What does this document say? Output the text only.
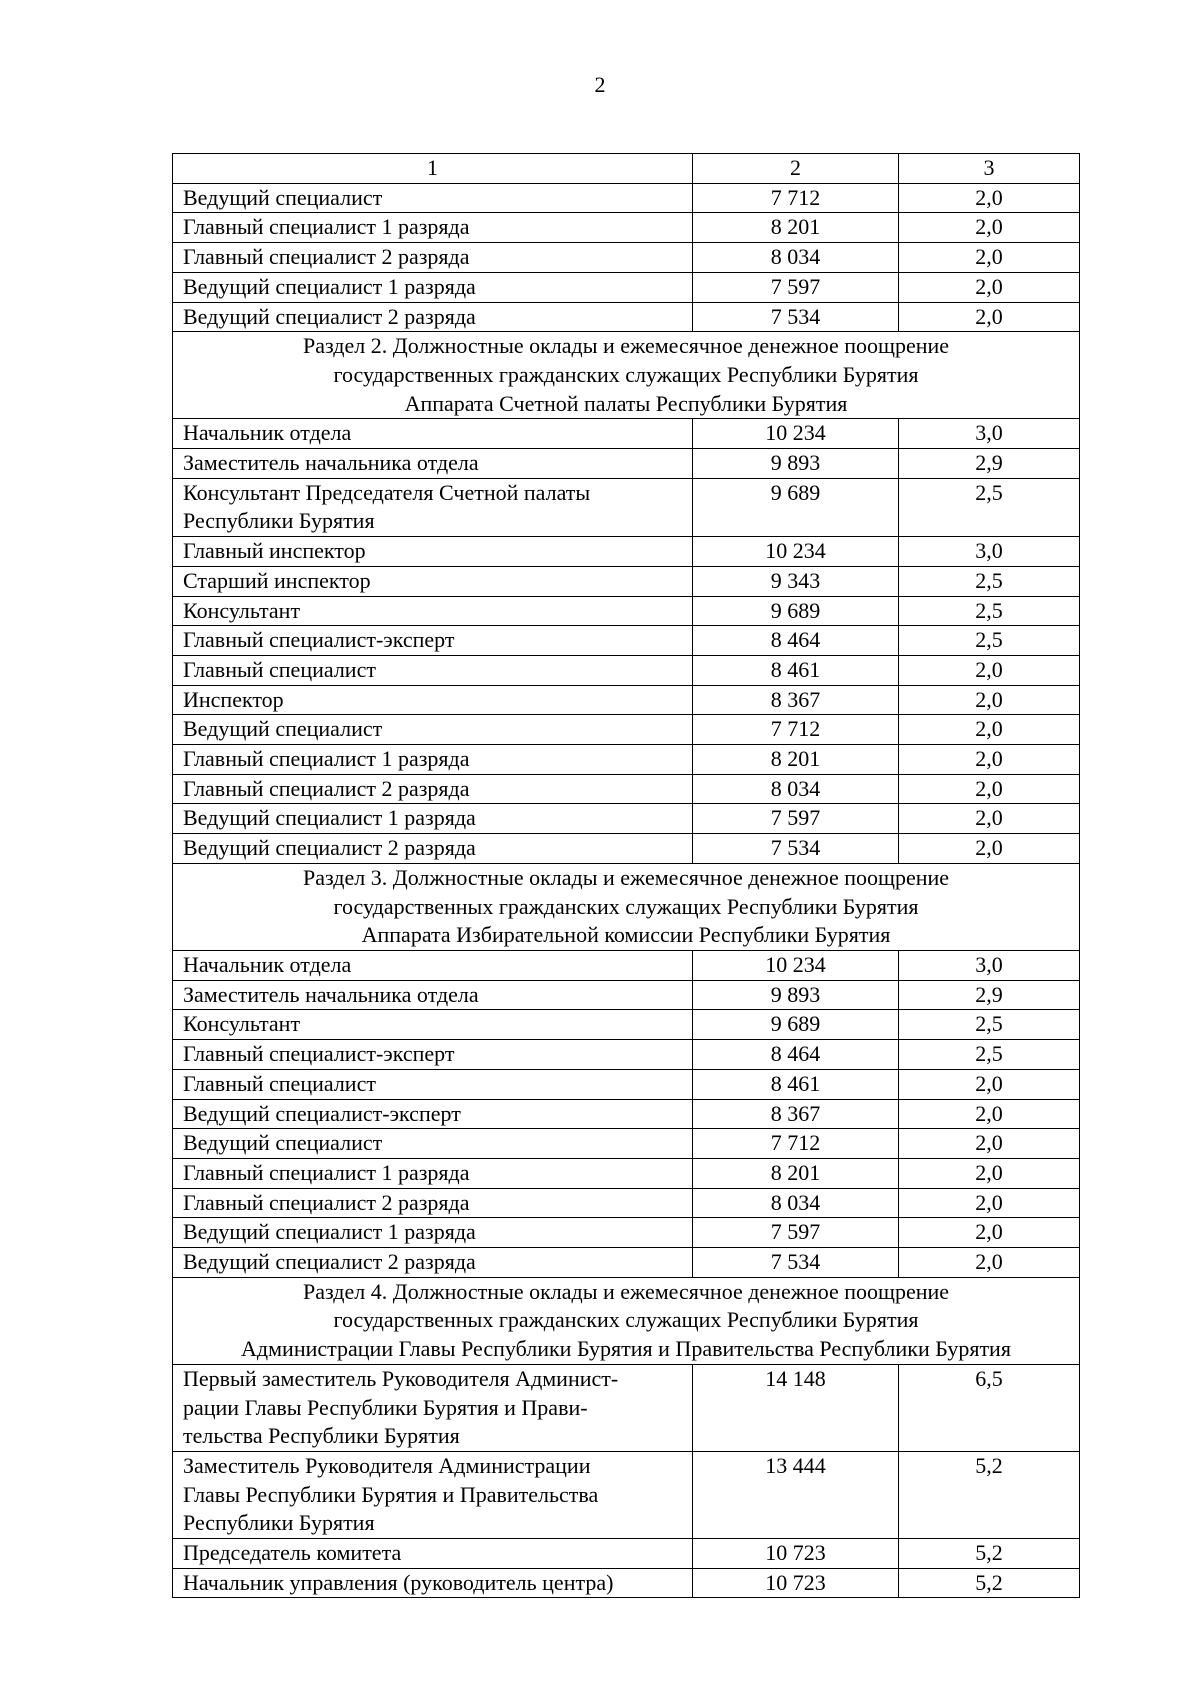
2
1	2	3

Ведущий специалист	7 712	2,0

Главный специалист 1 разряда	8 201	2,0

Главный специалист 2 разряда	8 034	2,0

Ведущий специалист 1 разряда	7 597	2,0

Ведущий специалист 2 разряда	7 534	2,0

Раздел 2. Должностные оклады и ежемесячное денежное поощрение
государственных гражданских служащих Республики Бурятия
Аппарата Счетной палаты Республики Бурятия		

Начальник отдела	10 234	3,0

Заместитель начальника отдела	9 893	2,9

Консультант Председателя Счетной палаты
Республики Бурятия	9 689	2,5

Главный инспектор	10 234	3,0

Старший инспектор	9 343	2,5

Консультант	9 689	2,5

Главный специалист-эксперт	8 464	2,5

Главный специалист	8 461	2,0

Инспектор	8 367	2,0

Ведущий специалист	7 712	2,0

Главный специалист 1 разряда	8 201	2,0

Главный специалист 2 разряда	8 034	2,0

Ведущий специалист 1 разряда	7 597	2,0

Ведущий специалист 2 разряда	7 534	2,0

Раздел 3. Должностные оклады и ежемесячное денежное поощрение
государственных гражданских служащих Республики Бурятия
Аппарата Избирательной комиссии Республики Бурятия		

Начальник отдела	10 234	3,0

Заместитель начальника отдела	9 893	2,9

Консультант	9 689	2,5

Главный специалист-эксперт	8 464	2,5

Главный специалист	8 461	2,0

Ведущий специалист-эксперт	8 367	2,0

Ведущий специалист	7 712	2,0

Главный специалист 1 разряда	8 201	2,0

Главный специалист 2 разряда	8 034	2,0

Ведущий специалист 1 разряда	7 597	2,0

Ведущий специалист 2 разряда	7 534	2,0

Раздел 4. Должностные оклады и ежемесячное денежное поощрение
государственных гражданских служащих Республики Бурятия
Администрации Главы Республики Бурятия и Правительства Республики Бурятия		

Первый заместитель Руководителя Админист-
рации Главы Республики Бурятия и Прави-
тельства Республики Бурятия	14 148	6,5

Заместитель Руководителя Администрации
Главы Республики Бурятия и Правительства
Республики Бурятия	13 444	5,2

Председатель комитета	10 723	5,2

Начальник управления (руководитель центра)	10 723	5,2
